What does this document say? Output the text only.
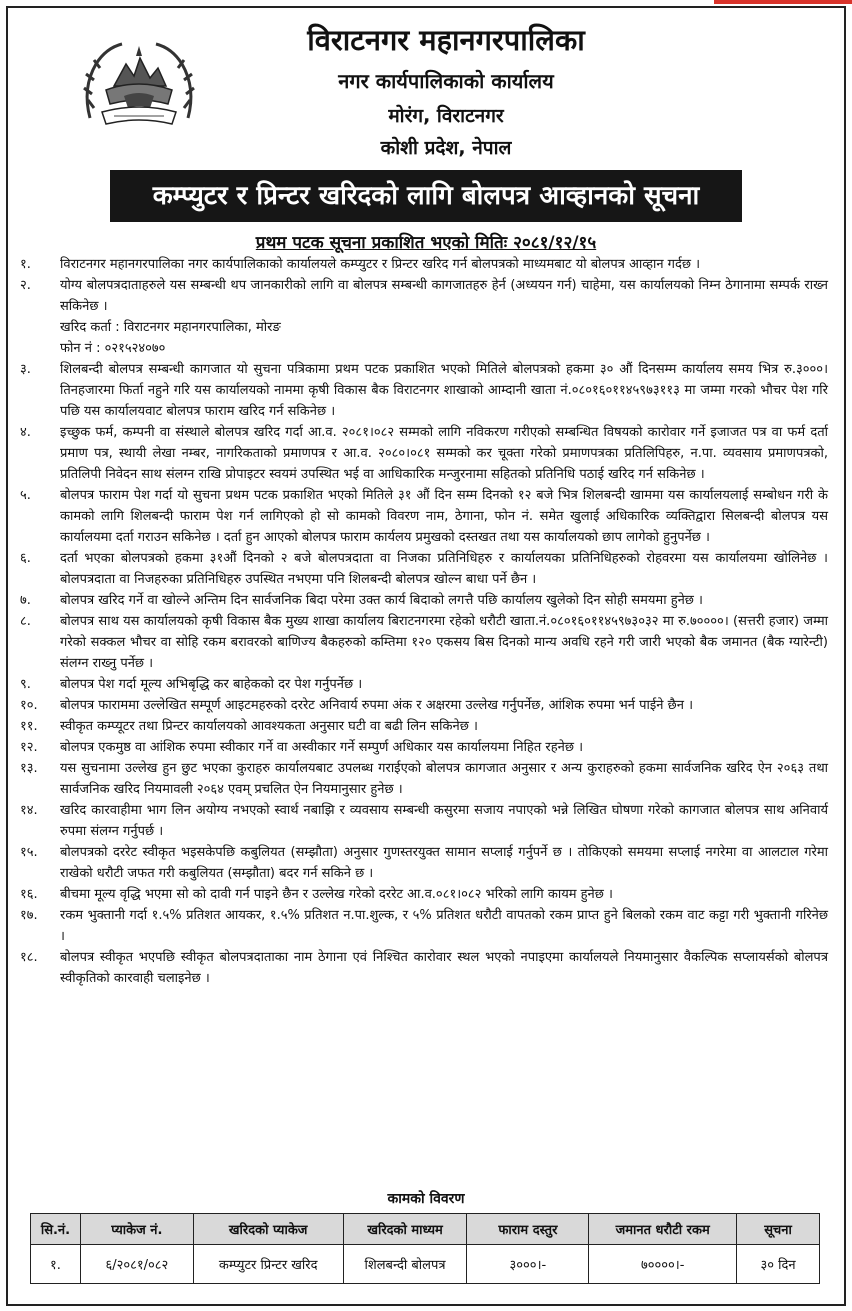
विराटनगर महानगरपालिका
नगर कार्यपालिकाको कार्यालय
मोरंग, विराटनगर
कोशी प्रदेश, नेपाल
कम्प्युटर र प्रिन्टर खरिदको लागि बोलपत्र आव्हानको सूचना
प्रथम पटक सूचना प्रकाशित भएको मितिः २०८१/१२/१५
१.	विराटनगर महानगरपालिका नगर कार्यपालिकाको कार्यालयले कम्प्युटर र प्रिन्टर खरिद गर्न बोलपत्रको माध्यमबाट यो बोलपत्र आव्हान गर्दछ ।
२.	योग्य बोलपत्रदाताहरुले यस सम्बन्धी थप जानकारीको लागि वा बोलपत्र सम्बन्धी कागजातहरु हेर्न (अध्ययन गर्न) चाहेमा, यस कार्यालयको निम्न ठेगानामा सम्पर्क राख्न सकिनेछ ।
खरिद कर्ता : विराटनगर महानगरपालिका, मोरङ
फोन नं : ०२१५२४०७०
३.	शिलबन्दी बोलपत्र सम्बन्धी कागजात यो सुचना पत्रिकामा प्रथम पटक प्रकाशित भएको मितिले बोलपत्रको हकमा ३० औं दिनसम्म कार्यालय समय भित्र रु.३०००। तिनहजारमा फिर्ता नहुने गरि यस कार्यालयको नाममा कृषी विकास बैक विराटनगर शाखाको आम्दानी खाता नं.०८०१६०११४५९७३११३ मा जम्मा गरको भौचर पेश गरि पछि यस कार्यालयवाट बोलपत्र फाराम खरिद गर्न सकिनेछ ।
४.	इच्छुक फर्म, कम्पनी वा संस्थाले बोलपत्र खरिद गर्दा आ.व. २०८१।०८२ सम्मको लागि नविकरण गरीएको सम्बन्धित विषयको कारोवार गर्ने इजाजत पत्र वा फर्म दर्ता प्रमाण पत्र, स्थायी लेखा नम्बर, नागरिकताको प्रमाणपत्र र आ.व. २०८०।०८१ सम्मको कर चूक्ता गरेको प्रमाणपत्रका प्रतिलिपिहरु, न.पा. व्यवसाय प्रमाणपत्रको, प्रतिलिपी निवेदन साथ संलग्न राखि प्रोपाइटर स्वयमं उपस्थित भई वा आधिकारिक मन्जुरनामा सहितको प्रतिनिधि पठाई खरिद गर्न सकिनेछ ।
५.	बोलपत्र फाराम पेश गर्दा यो सुचना प्रथम पटक प्रकाशित भएको मितिले ३१ औं दिन सम्म दिनको १२ बजे भित्र शिलबन्दी खाममा यस कार्यालयलाई सम्बोधन गरी के कामको लागि शिलबन्दी फाराम पेश गर्न लागिएको हो सो कामको विवरण नाम, ठेगाना, फोन नं. समेत खुलाई अधिकारिक व्यक्तिद्वारा सिलबन्दी बोलपत्र यस कार्यालयमा दर्ता गराउन सकिनेछ । दर्ता हुन आएको बोलपत्र फाराम कार्यलय प्रमुखको दस्तखत तथा यस कार्यालयको छाप लागेको हुनुपर्नेछ ।
६.	दर्ता भएका बोलपत्रको हकमा ३१औं दिनको २ बजे बोलपत्रदाता वा निजका प्रतिनिधिहरु र कार्यालयका प्रतिनिधिहरुको रोहवरमा यस कार्यालयमा खोलिनेछ । बोलपत्रदाता वा निजहरुका प्रतिनिधिहरु उपस्थित नभएमा पनि शिलबन्दी बोलपत्र खोल्न बाधा पर्ने छैन ।
७.	बोलपत्र खरिद गर्ने वा खोल्ने अन्तिम दिन सार्वजनिक बिदा परेमा उक्त कार्य बिदाको लगत्तै पछि कार्यालय खुलेको दिन सोही समयमा हुनेछ ।
८.	बोलपत्र साथ यस कार्यालयको कृषी विकास बैक मुख्य शाखा कार्यालय बिराटनगरमा रहेको धरौटी खाता.नं.०८०१६०११४५९७३०३२ मा रु.७००००। (सत्तरी हजार) जम्मा गरेको सक्कल भौचर वा सोहि रकम बरावरको बाणिज्य बैकहरुको कम्तिमा १२० एकसय बिस दिनको मान्य अवधि रहने गरी जारी भएको बैक जमानत (बैक ग्यारेन्टी) संलग्न राख्नु पर्नेछ ।
९.	बोलपत्र पेश गर्दा मूल्य अभिबृद्धि कर बाहेकको दर पेश गर्नुपर्नेछ ।
१०.	बोलपत्र फाराममा उल्लेखित सम्पूर्ण आइटमहरुको दररेट अनिवार्य रुपमा अंक र अक्षरमा उल्लेख गर्नुपर्नेछ, आंशिक रुपमा भर्न पाईने छैन ।
११.	स्वीकृत कम्प्यूटर तथा प्रिन्टर कार्यालयको आवश्यकता अनुसार घटी वा बढी लिन सकिनेछ ।
१२.	बोलपत्र एकमुष्ठ वा आंशिक रुपमा स्वीकार गर्ने वा अस्वीकार गर्ने सम्पुर्ण अधिकार यस कार्यालयमा निहित रहनेछ ।
१३.	यस सुचनामा उल्लेख हुन छुट भएका कुराहरु कार्यालयबाट उपलब्ध गराईएको बोलपत्र कागजात अनुसार र अन्य कुराहरुको हकमा सार्वजनिक खरिद ऐन २०६३ तथा सार्वजनिक खरिद नियमावली २०६४ एवम् प्रचलित ऐन नियमानुसार हुनेछ ।
१४.	खरिद कारवाहीमा भाग लिन अयोग्य नभएको स्वार्थ नबाझि र व्यवसाय सम्बन्धी कसुरमा सजाय नपाएको भन्ने लिखित घोषणा गरेको कागजात बोलपत्र साथ अनिवार्य रुपमा संलग्न गर्नुपर्छ ।
१५.	बोलपत्रको दररेट स्वीकृत भइसकेपछि कबुलियत (सम्झौता) अनुसार गुणस्तरयुक्त सामान सप्लाई गर्नुपर्ने छ । तोकिएको समयमा सप्लाई नगरेमा वा आलटाल गरेमा राखेको धरौटी जफत गरी कबुलियत (सम्झौता) बदर गर्न सकिने छ ।
१६.	बीचमा मूल्य वृद्धि भएमा सो को दावी गर्न पाइने छैन र उल्लेख गरेको दररेट आ.व.०८१।०८२ भरिको लागि कायम हुनेछ ।
१७.	रकम भुक्तानी गर्दा १.५% प्रतिशत आयकर, १.५% प्रतिशत न.पा.शुल्क, र ५% प्रतिशत धरौटी वापतको रकम प्राप्त हुने बिलको रकम वाट कट्टा गरी भुक्तानी गरिनेछ ।
१८.	बोलपत्र स्वीकृत भएपछि स्वीकृत बोलपत्रदाताका नाम ठेगाना एवं निश्चित कारोवार स्थल भएको नपाइएमा कार्यालयले नियमानुसार वैकल्पिक सप्लायर्सको बोलपत्र स्वीकृतिको कारवाही चलाइनेछ ।
कामको विवरण
सि.नं.	प्याकेज नं.	खरिदको प्याकेज	खरिदको माध्यम	फाराम दस्तुर	जमानत धरौटी रकम	सूचना
१.	६/२०८१/०८२	कम्प्युटर प्रिन्टर खरिद	शिलबन्दी बोलपत्र	३०००।-	७००००।-	३० दिन
